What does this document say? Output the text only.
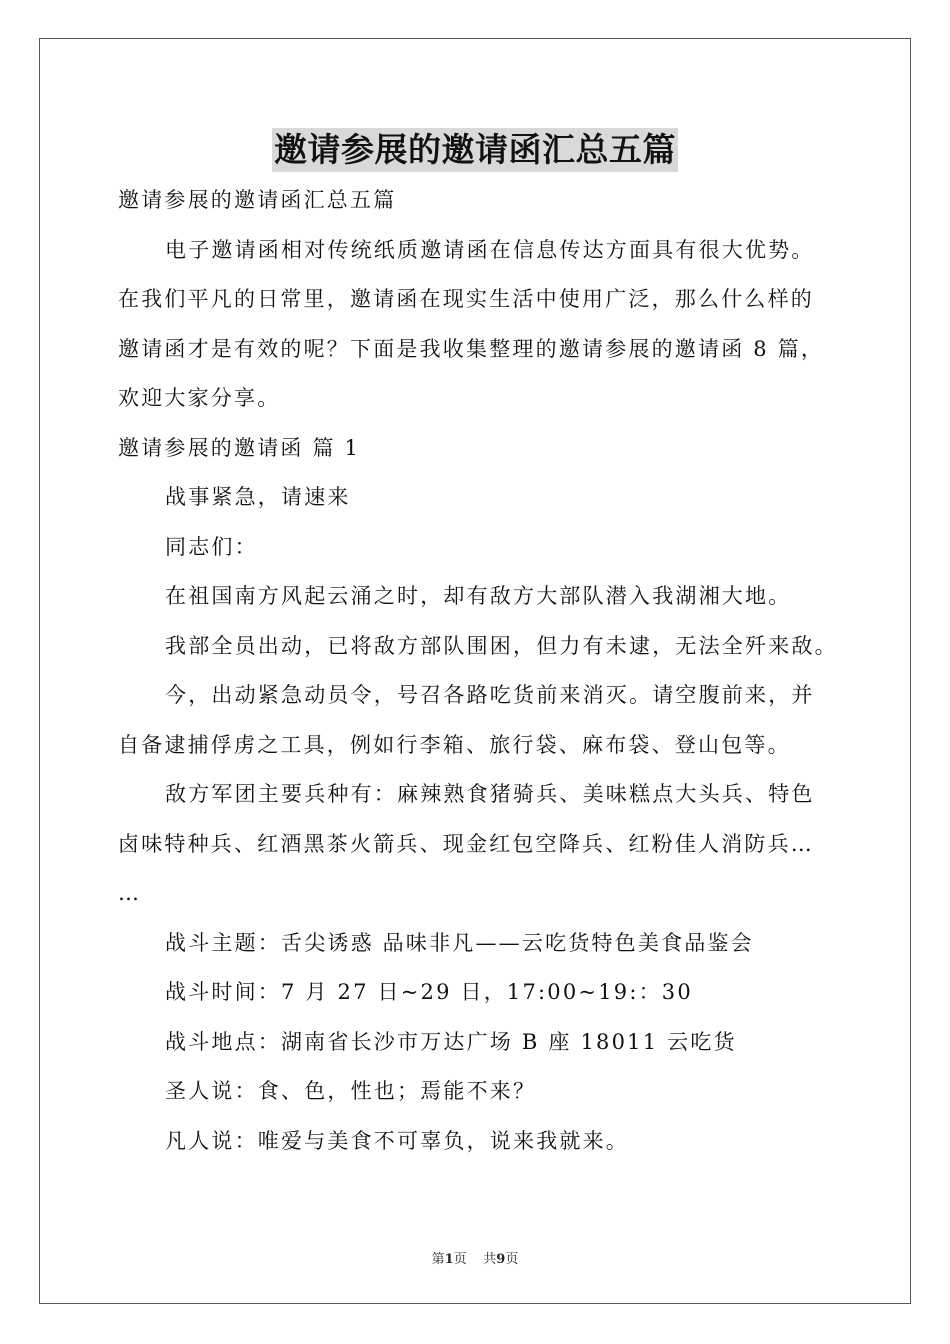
邀请参展的邀请函汇总五篇
邀请参展的邀请函汇总五篇
电子邀请函相对传统纸质邀请函在信息传达方面具有很大优势。
在我们平凡的日常里，邀请函在现实生活中使用广泛，那么什么样的
邀请函才是有效的呢？下面是我收集整理的邀请参展的邀请函 8 篇，
欢迎大家分享。
邀请参展的邀请函 篇 1
战事紧急，请速来
同志们：
在祖国南方风起云涌之时，却有敌方大部队潜入我湖湘大地。
我部全员出动，已将敌方部队围困，但力有未逮，无法全歼来敌。
今，出动紧急动员令，号召各路吃货前来消灭。请空腹前来，并
自备逮捕俘虏之工具，例如行李箱、旅行袋、麻布袋、登山包等。
敌方军团主要兵种有：麻辣熟食猪骑兵、美味糕点大头兵、特色
卤味特种兵、红酒黑茶火箭兵、现金红包空降兵、红粉佳人消防兵…
…
战斗主题：舌尖诱惑 品味非凡——云吃货特色美食品鉴会
战斗时间：7 月 27 日~29 日，17:00~19:：30
战斗地点：湖南省长沙市万达广场 B 座 18011 云吃货
圣人说：食、色，性也；焉能不来？
凡人说：唯爱与美食不可辜负，说来我就来。
第1页 共9页
